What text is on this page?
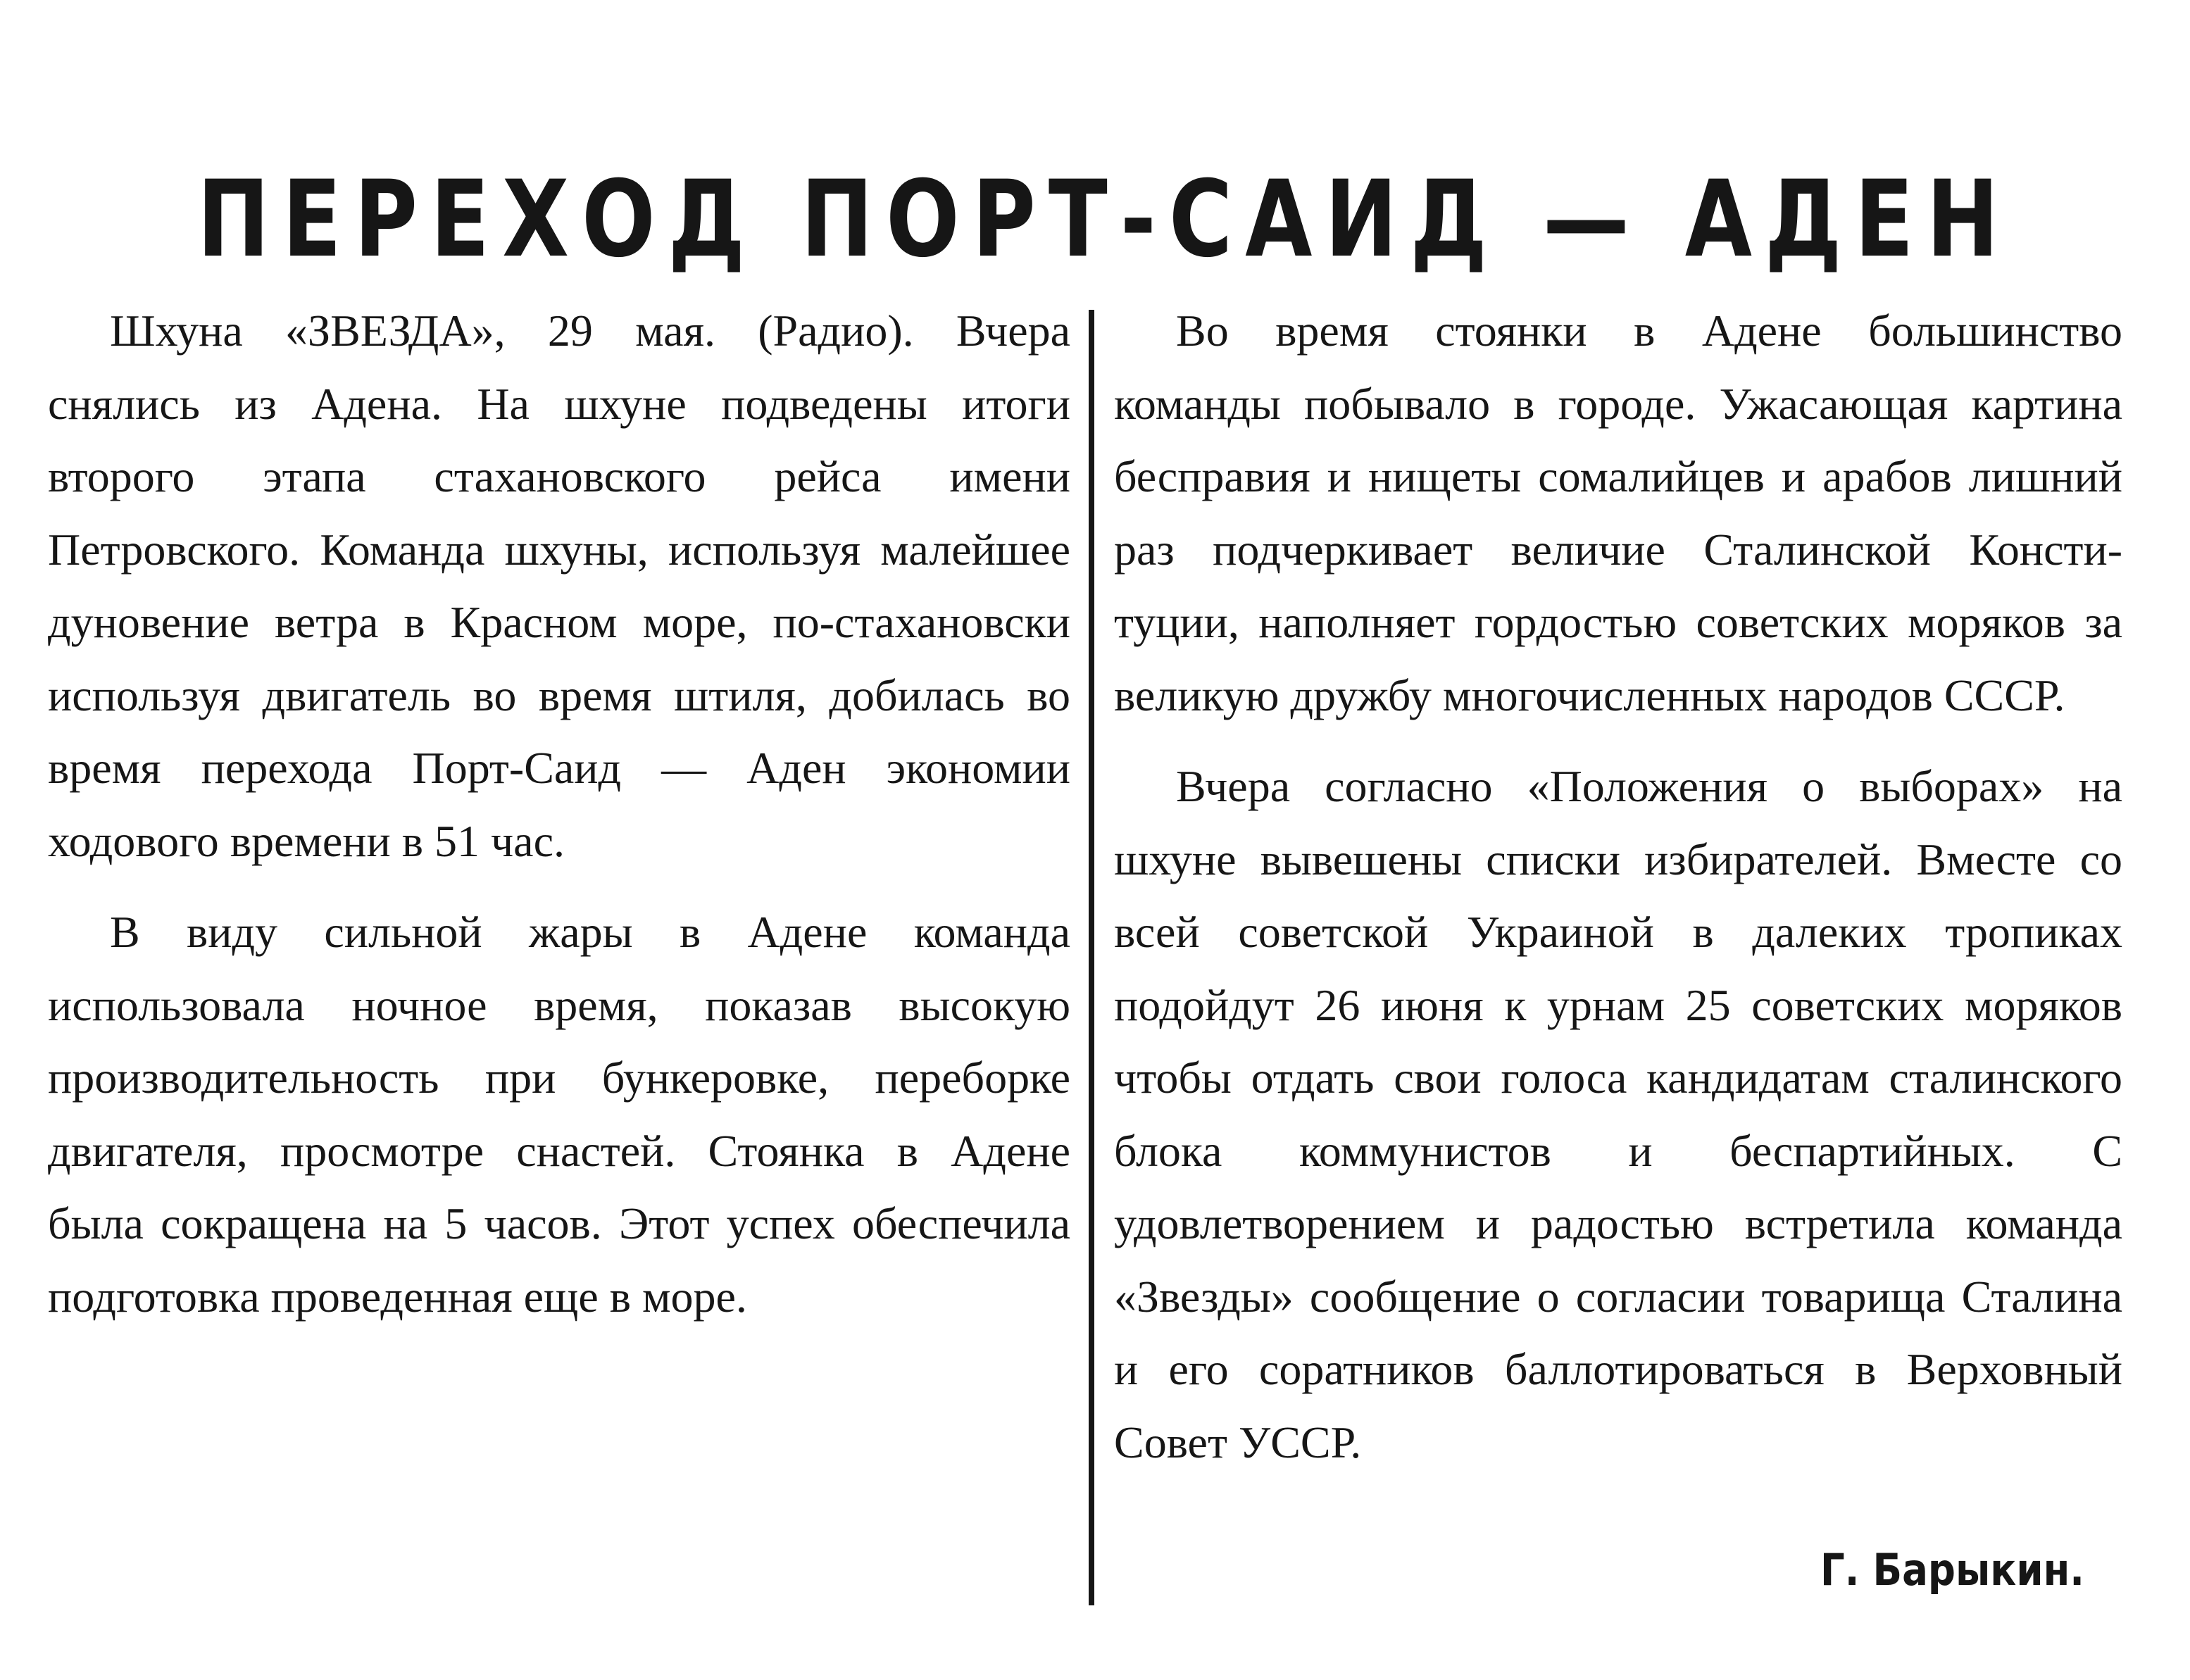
ПЕРЕХОД ПОРТ-САИД — АДЕН

Шхуна «ЗВЕЗДА», 29 мая. (Радио). Вчера снялись из Адена. На шхуне подведены итоги второго этапа стахановского рейса имени Петровского. Команда шхуны, используя малейшее дуновение ветра в Красном море, по-стахановски используя двигатель во время штиля, добилась во время перехода Порт-Саид — Аден экономии ходового времени в 51 час.

В виду сильной жары в Адене команда использовала ночное время, показав высокую производительность при бункеровке, переборке двигателя, просмотре снастей. Стоянка в Адене была сокращена на 5 часов. Этот успех обеспечила подготовка проведенная еще в море.

Во время стоянки в Адене большинство команды побывало в городе. Ужасающая картина бесправия и нищеты сомалийцев и арабов лишний раз подчеркивает величие Сталинской Конституции, наполняет гордостью советских моряков за великую дружбу многочисленных народов СССР.

Вчера согласно «Положения о выборах» на шхуне вывешены списки избирателей. Вместе со всей советской Украиной в далеких тропиках подойдут 26 июня к урнам 25 советских моряков чтобы отдать свои голоса кандидатам сталинского блока коммунистов и беспартийных. С удовлетворением и радостью встретила команда «Звезды» сообщение о согласии товарища Сталина и его соратников баллотироваться в Верховный Совет УССР.

Г. Барыкин.
